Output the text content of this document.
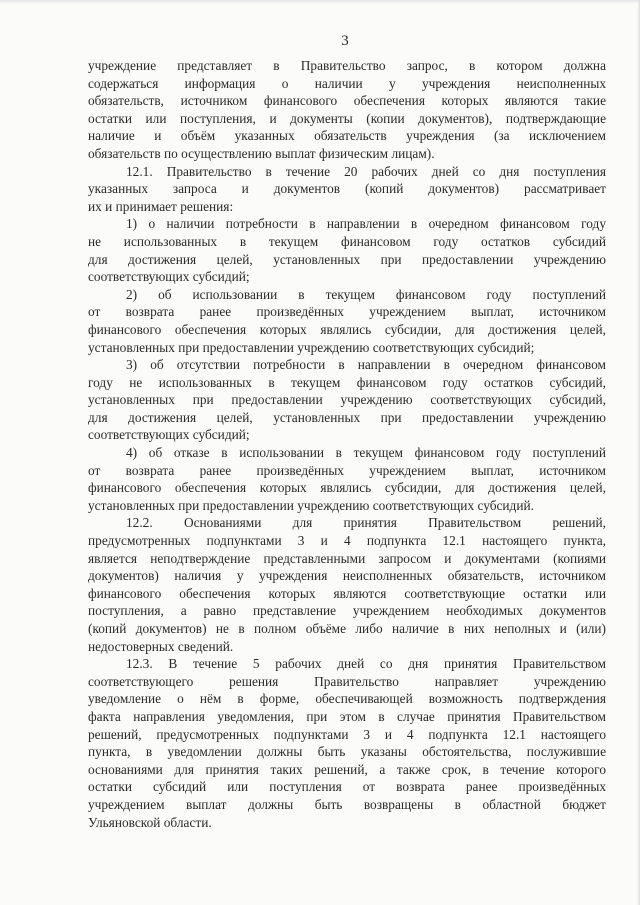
3

учреждение представляет в Правительство запрос, в котором должна
содержаться информация о наличии у учреждения неисполненных
обязательств, источником финансового обеспечения которых являются такие
остатки или поступления, и документы (копии документов), подтверждающие
наличие и объём указанных обязательств учреждения (за исключением
обязательств по осуществлению выплат физическим лицам).

12.1. Правительство в течение 20 рабочих дней со дня поступления
указанных запроса и документов (копий документов) рассматривает
их и принимает решения:

1) о наличии потребности в направлении в очередном финансовом году
не использованных в текущем финансовом году остатков субсидий
для достижения целей, установленных при предоставлении учреждению
соответствующих субсидий;

2) об использовании в текущем финансовом году поступлений
от возврата ранее произведённых учреждением выплат, источником
финансового обеспечения которых являлись субсидии, для достижения целей,
установленных при предоставлении учреждению соответствующих субсидий;

3) об отсутствии потребности в направлении в очередном финансовом
году не использованных в текущем финансовом году остатков субсидий,
установленных при предоставлении учреждению соответствующих субсидий,
для достижения целей, установленных при предоставлении учреждению
соответствующих субсидий;

4) об отказе в использовании в текущем финансовом году поступлений
от возврата ранее произведённых учреждением выплат, источником
финансового обеспечения которых являлись субсидии, для достижения целей,
установленных при предоставлении учреждению соответствующих субсидий.

12.2. Основаниями для принятия Правительством решений,
предусмотренных подпунктами 3 и 4 подпункта 12.1 настоящего пункта,
является неподтверждение представленными запросом и документами (копиями
документов) наличия у учреждения неисполненных обязательств, источником
финансового обеспечения которых являются соответствующие остатки или
поступления, а равно представление учреждением необходимых документов
(копий документов) не в полном объёме либо наличие в них неполных и (или)
недостоверных сведений.

12.3. В течение 5 рабочих дней со дня принятия Правительством
соответствующего решения Правительство направляет учреждению
уведомление о нём в форме, обеспечивающей возможность подтверждения
факта направления уведомления, при этом в случае принятия Правительством
решений, предусмотренных подпунктами 3 и 4 подпункта 12.1 настоящего
пункта, в уведомлении должны быть указаны обстоятельства, послужившие
основаниями для принятия таких решений, а также срок, в течение которого
остатки субсидий или поступления от возврата ранее произведённых
учреждением выплат должны быть возвращены в областной бюджет
Ульяновской области.
